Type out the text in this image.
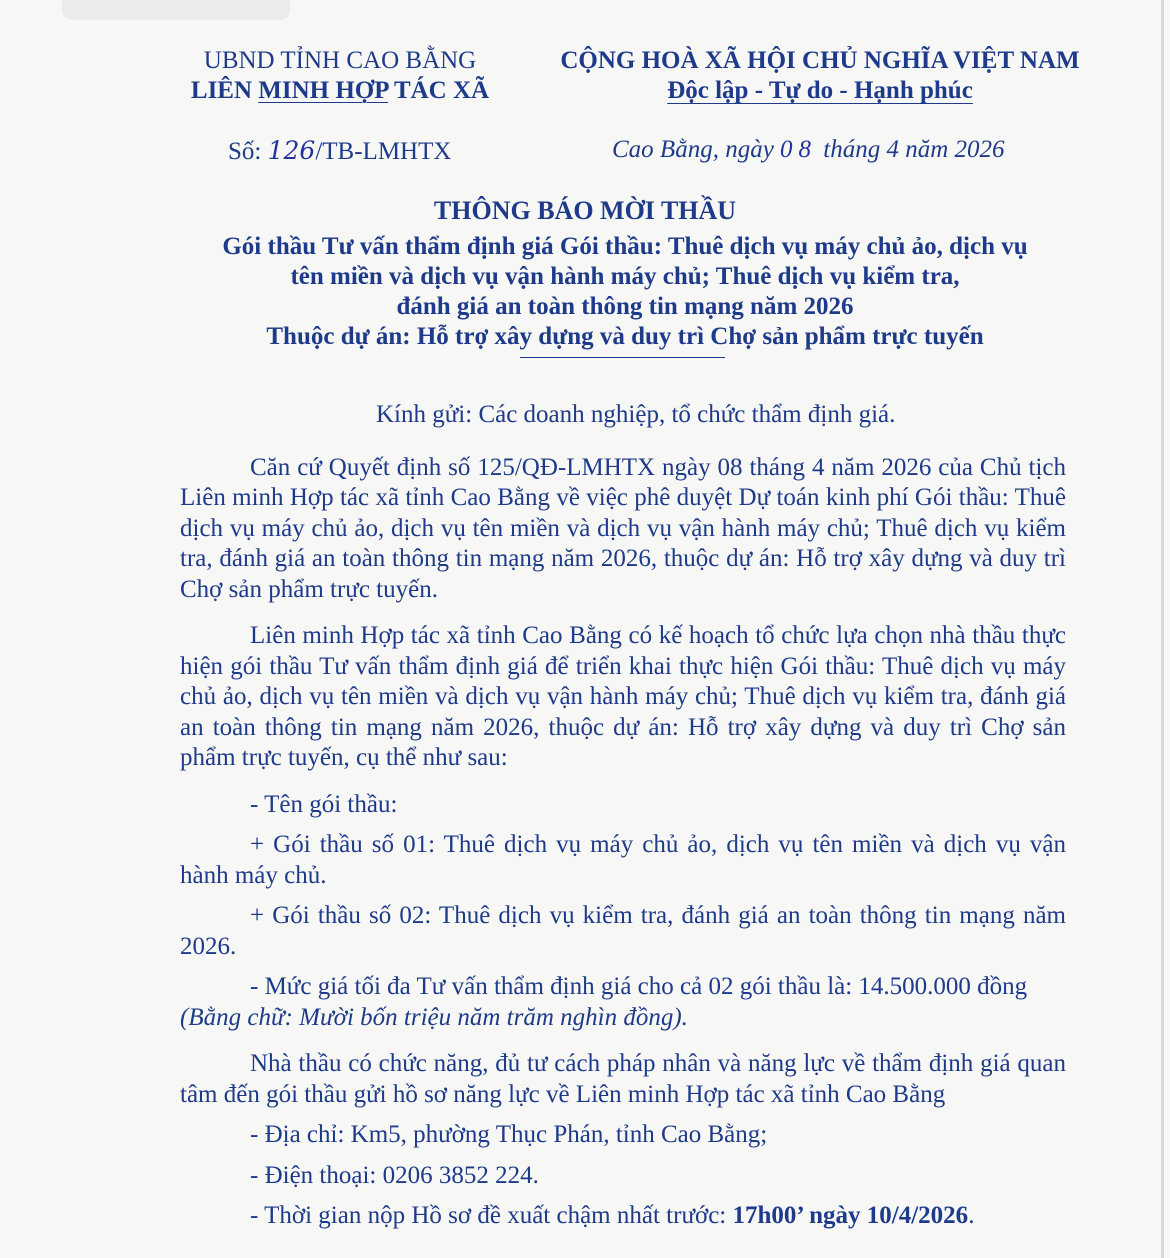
UBND TỈNH CAO BẰNG
LIÊN MINH HỢP TÁC XÃ
CỘNG HOÀ XÃ HỘI CHỦ NGHĨA VIỆT NAM
Độc lập - Tự do - Hạnh phúc
Số: 126/TB-LMHTX	Cao Bằng, ngày 08 tháng 4 năm 2026
THÔNG BÁO MỜI THẦU
Gói thầu Tư vấn thẩm định giá Gói thầu: Thuê dịch vụ máy chủ ảo, dịch vụ
tên miền và dịch vụ vận hành máy chủ; Thuê dịch vụ kiểm tra,
đánh giá an toàn thông tin mạng năm 2026
Thuộc dự án: Hỗ trợ xây dựng và duy trì Chợ sản phẩm trực tuyến

Kính gửi: Các doanh nghiệp, tổ chức thẩm định giá.

Căn cứ Quyết định số 125/QĐ-LMHTX ngày 08 tháng 4 năm 2026 của Chủ tịch Liên minh Hợp tác xã tỉnh Cao Bằng về việc phê duyệt Dự toán kinh phí Gói thầu: Thuê dịch vụ máy chủ ảo, dịch vụ tên miền và dịch vụ vận hành máy chủ; Thuê dịch vụ kiểm tra, đánh giá an toàn thông tin mạng năm 2026, thuộc dự án: Hỗ trợ xây dựng và duy trì Chợ sản phẩm trực tuyến.

Liên minh Hợp tác xã tỉnh Cao Bằng có kế hoạch tổ chức lựa chọn nhà thầu thực hiện gói thầu Tư vấn thẩm định giá để triển khai thực hiện Gói thầu: Thuê dịch vụ máy chủ ảo, dịch vụ tên miền và dịch vụ vận hành máy chủ; Thuê dịch vụ kiểm tra, đánh giá an toàn thông tin mạng năm 2026, thuộc dự án: Hỗ trợ xây dựng và duy trì Chợ sản phẩm trực tuyến, cụ thể như sau:

- Tên gói thầu:

+ Gói thầu số 01: Thuê dịch vụ máy chủ ảo, dịch vụ tên miền và dịch vụ vận hành máy chủ.

+ Gói thầu số 02: Thuê dịch vụ kiểm tra, đánh giá an toàn thông tin mạng năm 2026.

- Mức giá tối đa Tư vấn thẩm định giá cho cả 02 gói thầu là: 14.500.000 đồng

(Bằng chữ: Mười bốn triệu năm trăm nghìn đồng).

Nhà thầu có chức năng, đủ tư cách pháp nhân và năng lực về thẩm định giá quan tâm đến gói thầu gửi hồ sơ năng lực về Liên minh Hợp tác xã tỉnh Cao Bằng

- Địa chỉ: Km5, phường Thục Phán, tỉnh Cao Bằng;

- Điện thoại: 0206 3852 224.

- Thời gian nộp Hồ sơ đề xuất chậm nhất trước: 17h00’ ngày 10/4/2026.
